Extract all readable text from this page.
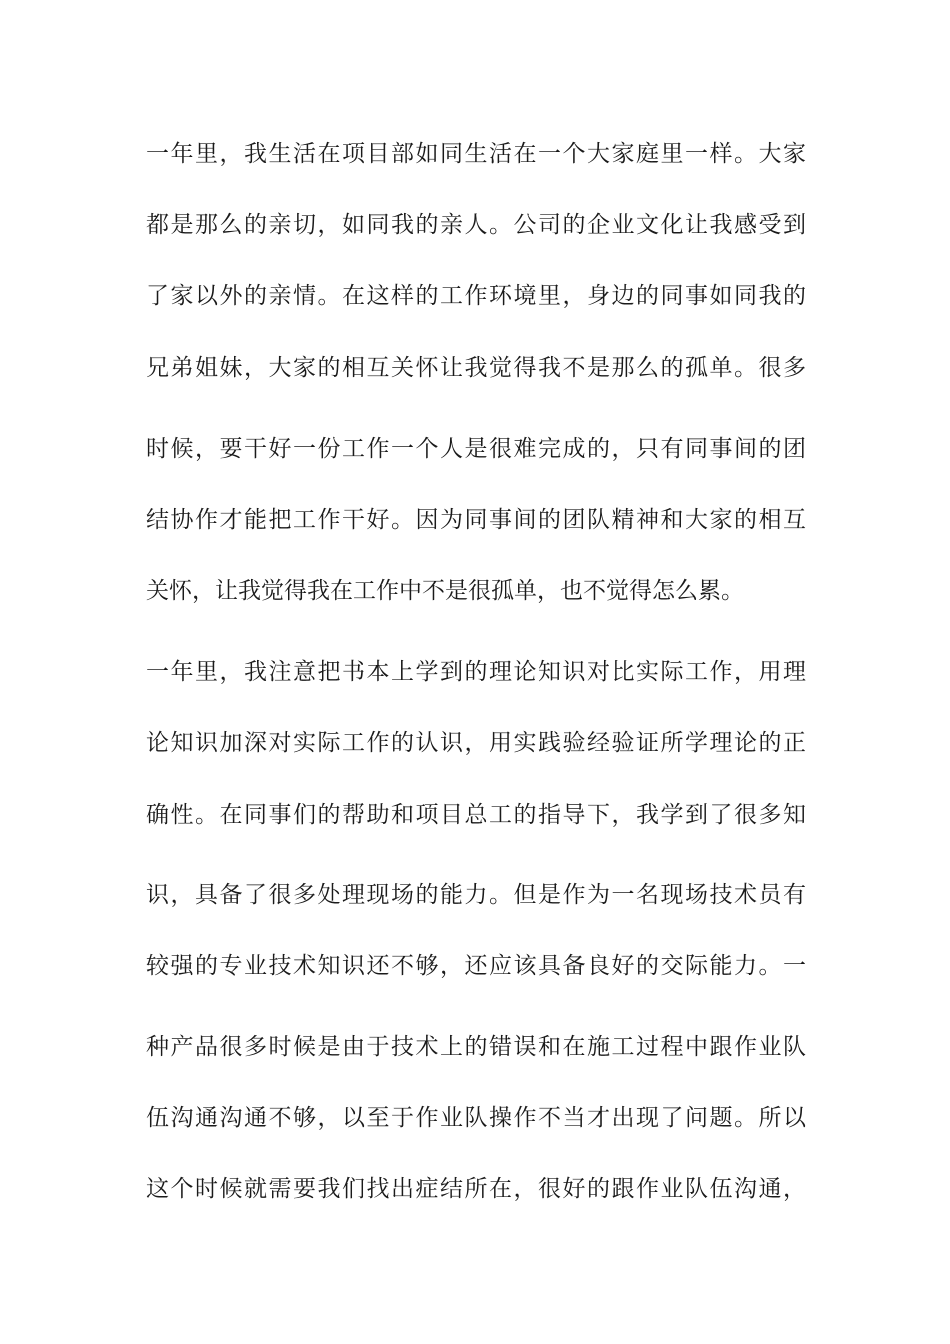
一年里，我生活在项目部如同生活在一个大家庭里一样。大家
都是那么的亲切，如同我的亲人。公司的企业文化让我感受到
了家以外的亲情。在这样的工作环境里，身边的同事如同我的
兄弟姐妹，大家的相互关怀让我觉得我不是那么的孤单。很多
时候，要干好一份工作一个人是很难完成的，只有同事间的团
结协作才能把工作干好。因为同事间的团队精神和大家的相互
关怀，让我觉得我在工作中不是很孤单，也不觉得怎么累。
一年里，我注意把书本上学到的理论知识对比实际工作，用理
论知识加深对实际工作的认识，用实践验经验证所学理论的正
确性。在同事们的帮助和项目总工的指导下，我学到了很多知
识，具备了很多处理现场的能力。但是作为一名现场技术员有
较强的专业技术知识还不够，还应该具备良好的交际能力。一
种产品很多时候是由于技术上的错误和在施工过程中跟作业队
伍沟通沟通不够，以至于作业队操作不当才出现了问题。所以
这个时候就需要我们找出症结所在，很好的跟作业队伍沟通，
